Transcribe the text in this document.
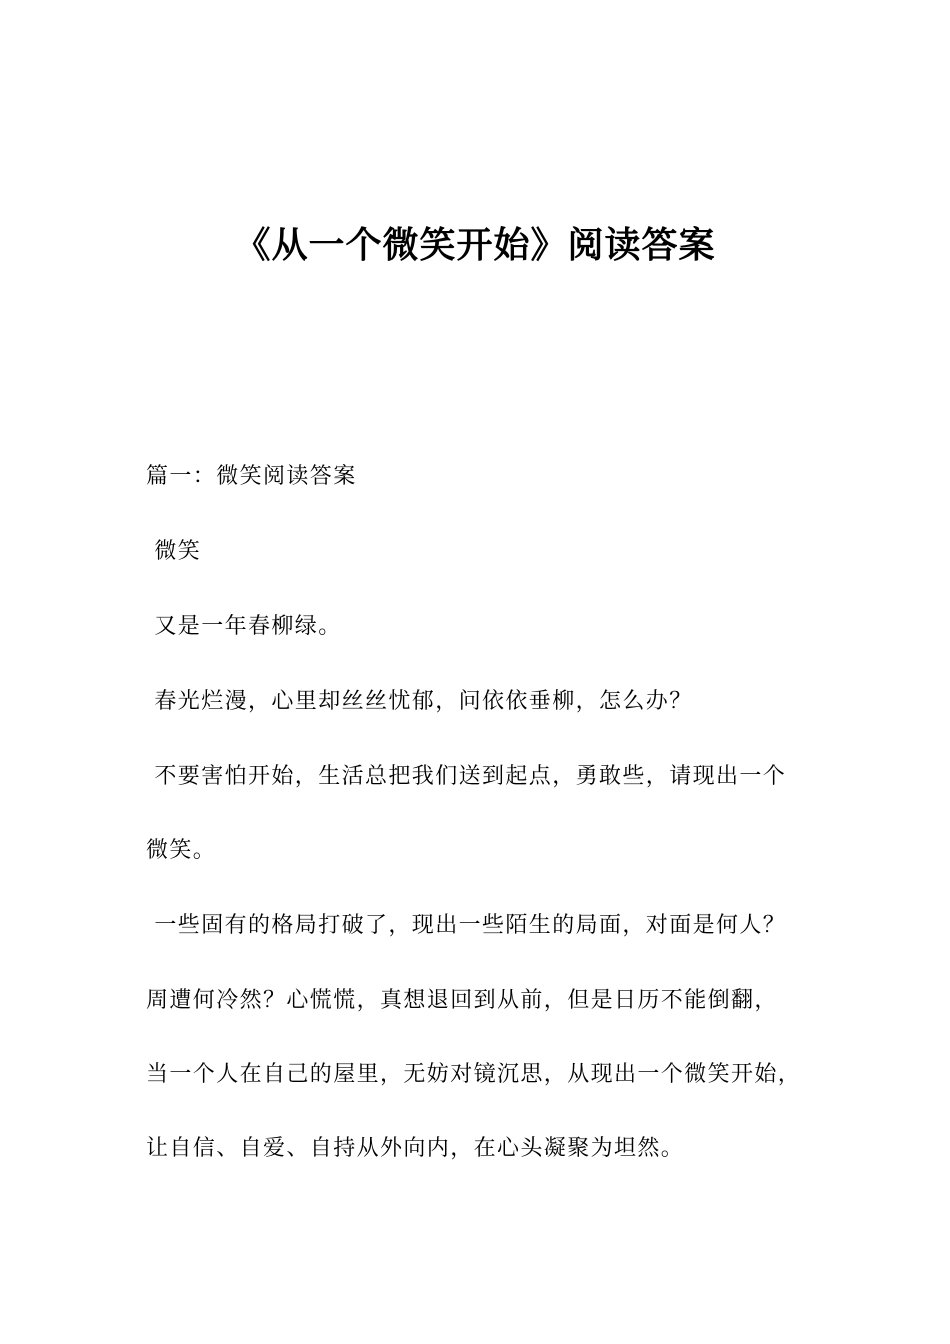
《从一个微笑开始》阅读答案
篇一：微笑阅读答案
微笑
又是一年春柳绿。
春光烂漫，心里却丝丝忧郁，问依依垂柳，怎么办？
不要害怕开始，生活总把我们送到起点，勇敢些，请现出一个
微笑。
一些固有的格局打破了，现出一些陌生的局面，对面是何人？
周遭何冷然？心慌慌，真想退回到从前，但是日历不能倒翻，
当一个人在自己的屋里，无妨对镜沉思，从现出一个微笑开始，
让自信、自爱、自持从外向内，在心头凝聚为坦然。
